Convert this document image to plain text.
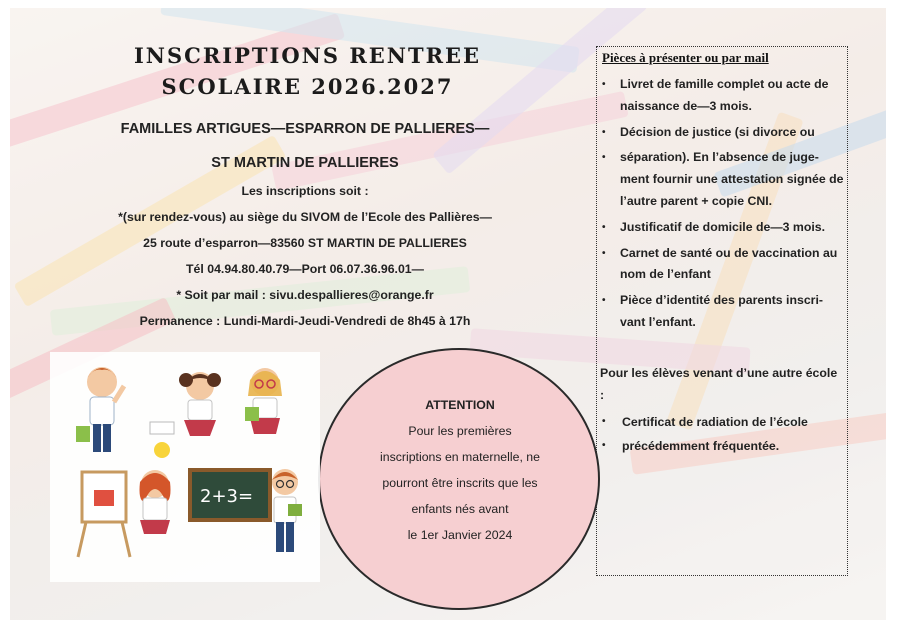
INSCRIPTIONS RENTREE
SCOLAIRE 2026.2027
FAMILLES ARTIGUES—ESPARRON DE PALLIERES—
ST MARTIN DE PALLIERES
Les inscriptions soit :
*(sur rendez-vous) au siège du SIVOM de l’Ecole des Pallières—
25 route d’esparron—83560 ST MARTIN DE PALLIERES
Tél 04.94.80.40.79—Port 06.07.36.96.01—
* Soit par mail : sivu.despallieres@orange.fr
Permanence : Lundi-Mardi-Jeudi-Vendredi de 8h45 à 17h
Pièces à présenter ou par mail
• Livret de famille complet ou acte de naissance de—3 mois.
• Décision de justice (si divorce ou
• séparation). En l’absence de juge-ment fournir une attestation signée de l’autre parent + copie CNI.
• Justificatif de domicile de—3 mois.
• Carnet de santé ou de vaccination au nom de l’enfant
• Pièce d’identité des parents inscri-vant l’enfant.
Pour les élèves venant d’une autre école :
• Certificat de radiation de l’école
• précédemment fréquentée.
ATTENTION
Pour les premières
inscriptions en maternelle, ne
pourront être inscrits que les
enfants nés avant
le 1er Janvier 2024
2+3=
